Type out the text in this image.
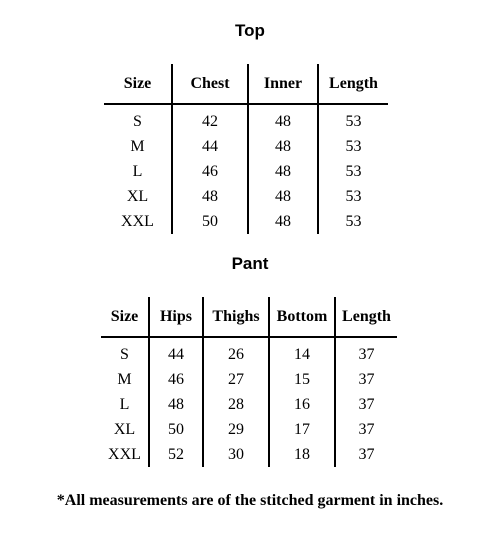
Top
Size	Chest	Inner	Length
S	42	48	53
M	44	48	53
L	46	48	53
XL	48	48	53
XXL	50	48	53
Pant
Size	Hips	Thighs	Bottom	Length
S	44	26	14	37
M	46	27	15	37
L	48	28	16	37
XL	50	29	17	37
XXL	52	30	18	37
*All measurements are of the stitched garment in inches.
